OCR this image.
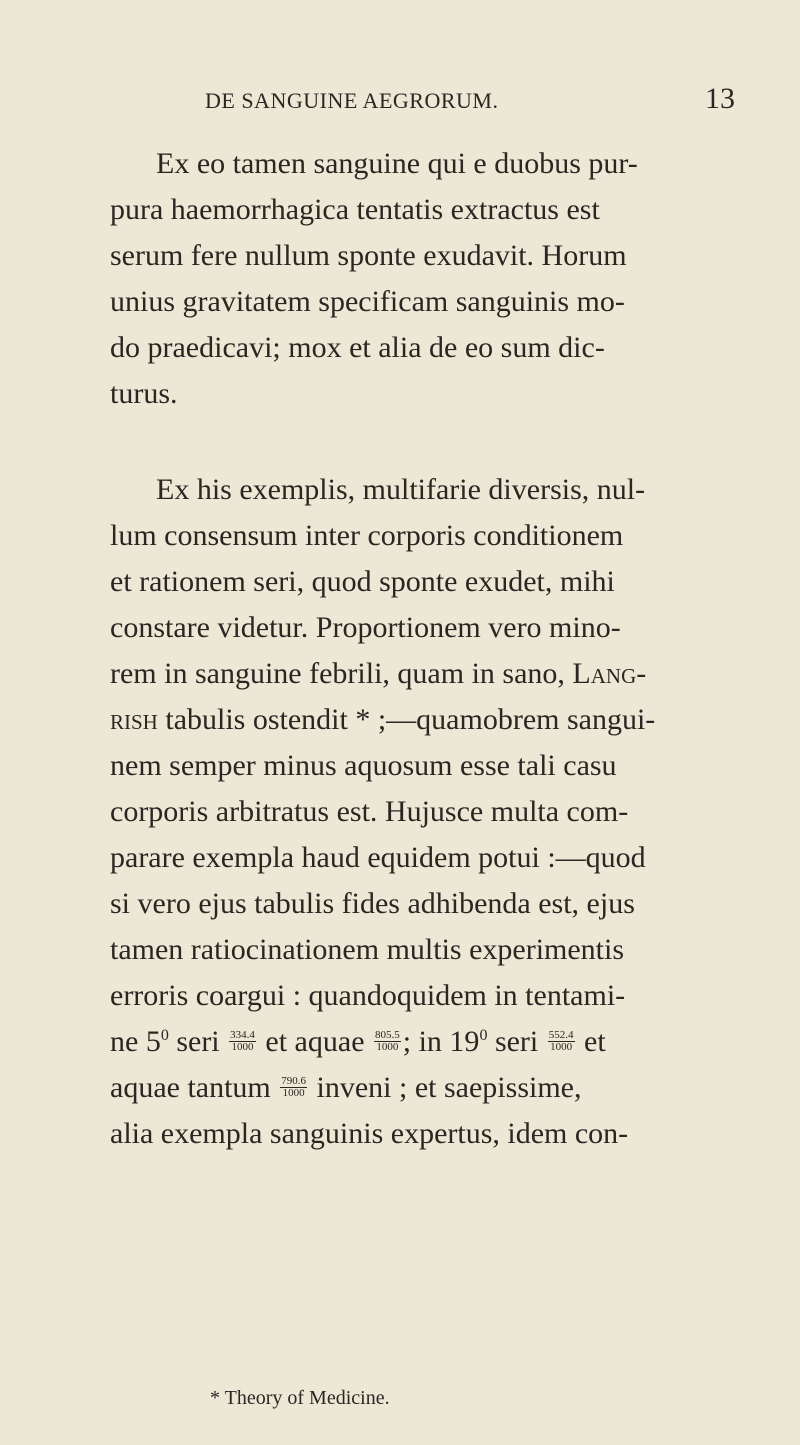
DE SANGUINE AEGRORUM.	13
Ex eo tamen sanguine qui e duobus pur-
pura haemorrhagica tentatis extractus est
serum fere nullum sponte exudavit. Horum
unius gravitatem specificam sanguinis mo-
do praedicavi; mox et alia de eo sum dic-
turus.
Ex his exemplis, multifarie diversis, nul-
lum consensum inter corporis conditionem
et rationem seri, quod sponte exudet, mihi
constare videtur. Proportionem vero mino-
rem in sanguine febrili, quam in sano, Lang-
rish tabulis ostendit * ;—quamobrem sangui-
nem semper minus aquosum esse tali casu
corporis arbitratus est. Hujusce multa com-
parare exempla haud equidem potui :—quod
si vero ejus tabulis fides adhibenda est, ejus
tamen ratiocinationem multis experimentis
erroris coargui : quandoquidem in tentami-
ne $5^0$ seri $\frac{334.4}{1000}$ et aquae $\frac{805.5}{1000}$ ; in $19^0$ seri $\frac{552.4}{1000}$ et
aquae tantum $\frac{790.6}{1000}$ inveni ; et saepissime,
alia exempla sanguinis expertus, idem con-
* Theory of Medicine.
